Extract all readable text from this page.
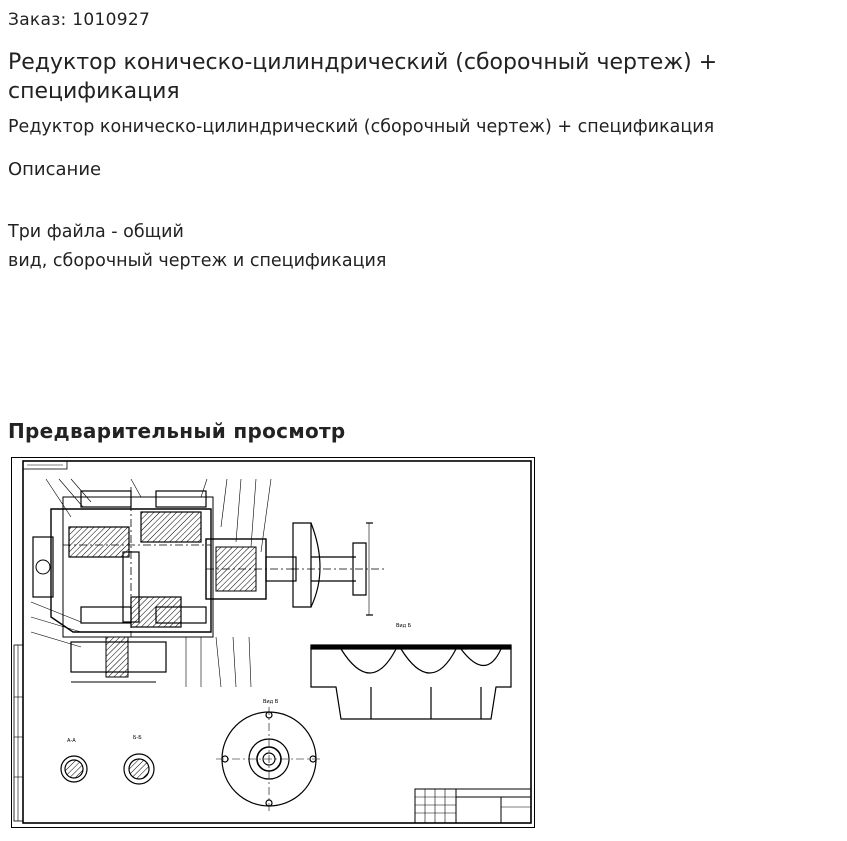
Заказ: 1010927
Редуктор коническо-цилиндрический (сборочный чертеж) + спецификация
Редуктор коническо-цилиндрический (сборочный чертеж) + спецификация
Описание
Три файла - общий
вид, сборочный чертеж и спецификация
Предварительный просмотр
Вид Б
А-А	Б-Б
Вид В
